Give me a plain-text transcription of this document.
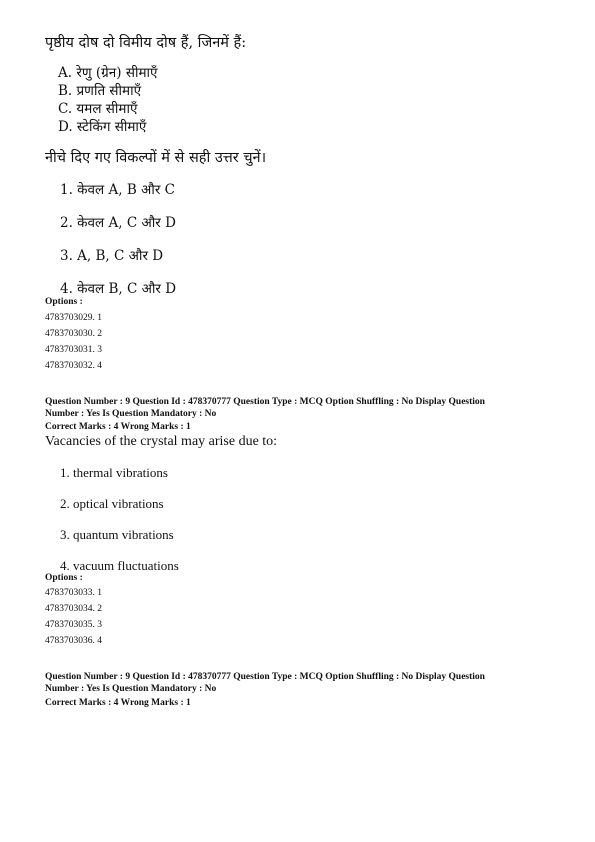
पृष्ठीय दोष दो विमीय दोष हैं, जिनमें हैं:
A. रेणु (ग्रेन) सीमाएँ
B. प्रणति सीमाएँ
C. यमल सीमाएँ
D. स्टेकिंग सीमाएँ
नीचे दिए गए विकल्पों में से सही उत्तर चुनें।
1. केवल A, B और C
2. केवल A, C और D
3. A, B, C और D
4. केवल B, C और D
Options :
4783703029. 1
4783703030. 2
4783703031. 3
4783703032. 4
Question Number : 9 Question Id : 478370777 Question Type : MCQ Option Shuffling : No Display Question
Number : Yes Is Question Mandatory : No
Correct Marks : 4 Wrong Marks : 1
Vacancies of the crystal may arise due to:
1. thermal vibrations
2. optical vibrations
3. quantum vibrations
4. vacuum fluctuations
Options :
4783703033. 1
4783703034. 2
4783703035. 3
4783703036. 4
Question Number : 9 Question Id : 478370777 Question Type : MCQ Option Shuffling : No Display Question
Number : Yes Is Question Mandatory : No
Correct Marks : 4 Wrong Marks : 1
